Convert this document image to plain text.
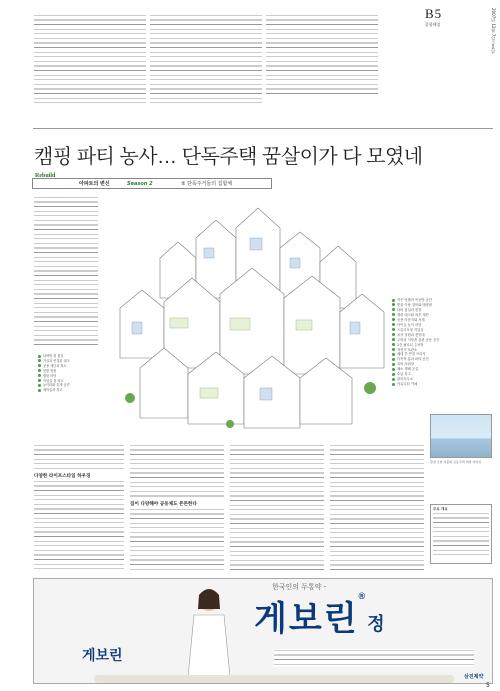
B5
종합해설	2007년 12월 7일 금요일
캠핑 파티 농사… 단독주택 꿈살이가 다 모였네
Rebuild
아파트의 변신	Season 2	⑤ 단독주거들의 집합체
작은 텃밭과 목공방 공간
빗물 이용 설비와 태양광
다락 침실과 천창
캠핑 데크와 외부 계단
공용 라운지와 서재
아이들 놀이 마당
스튜디오형 작업실
옥상 정원과 전망대
주방과 식당을 갖춘 공동 공간
1층 필로티 주차장
자전거 보관소
세대 간 연결 브리지
다목적 홀과 파티 공간
옥외 샤워장
채소 재배 온실
수납 창고
관리사무소
커뮤니티 카페
다락방 겸 침실
거실과 연결된 데크
공용 계단과 복도
텃밭 정원
캠핑 마당
작업실 겸 차고
놀이터와 휴게 공간
세탁실과 창고
물결 모양 지붕의 공동주택 외관 이미지
다양한 라이프스타일 하우징
집이 다양해야 공동체도 튼튼한다
주요 개요
한국인의 두통약 -
게보린®정
게보린
삼진제약
5
